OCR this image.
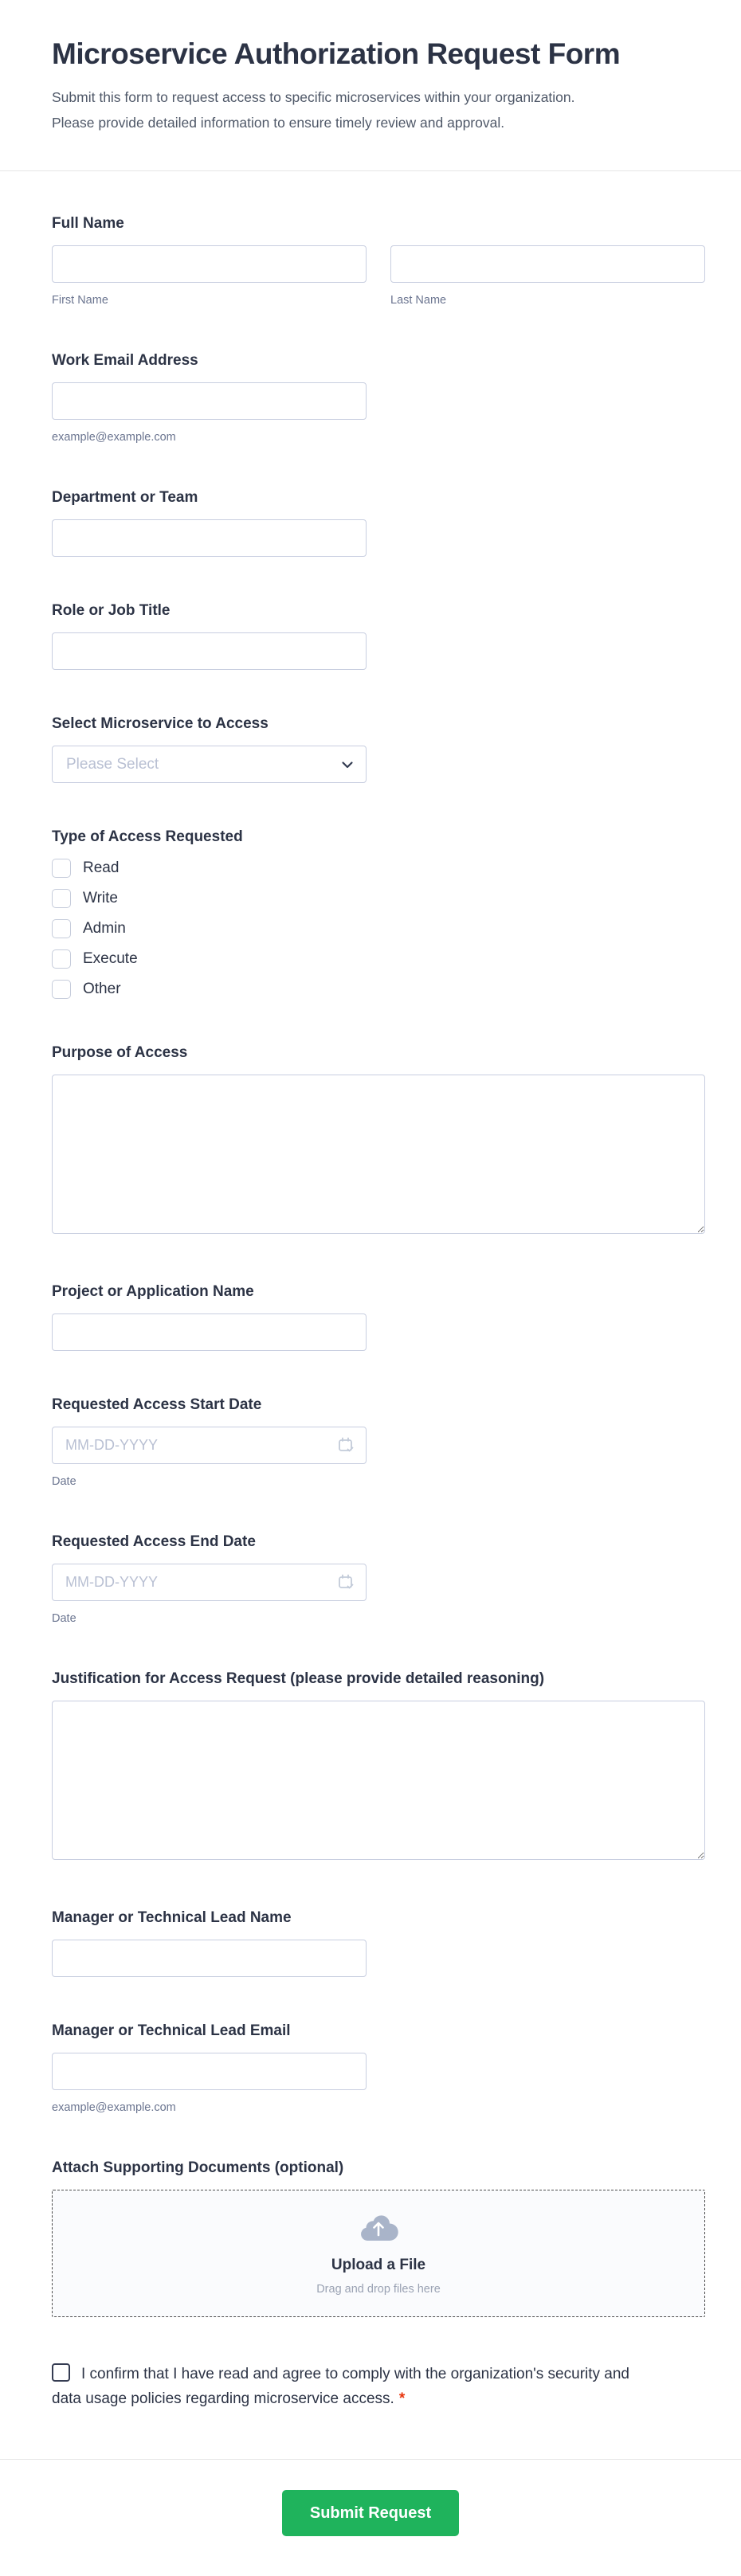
Microservice Authorization Request Form

Submit this form to request access to specific microservices within your organization. Please provide detailed information to ensure timely review and approval.

Full Name
First Name	Last Name
Work Email Address
example@example.com
Department or Team
Role or Job Title
Select Microservice to Access
Please Select
Type of Access Requested
Read
Write
Admin
Execute
Other
Purpose of Access
Project or Application Name
Requested Access Start Date
MM-DD-YYYY
Date
Requested Access End Date
MM-DD-YYYY
Date
Justification for Access Request (please provide detailed reasoning)
Manager or Technical Lead Name
Manager or Technical Lead Email
example@example.com
Attach Supporting Documents (optional)
Upload a File
Drag and drop files here
I confirm that I have read and agree to comply with the organization's security and data usage policies regarding microservice access. *
Submit Request
